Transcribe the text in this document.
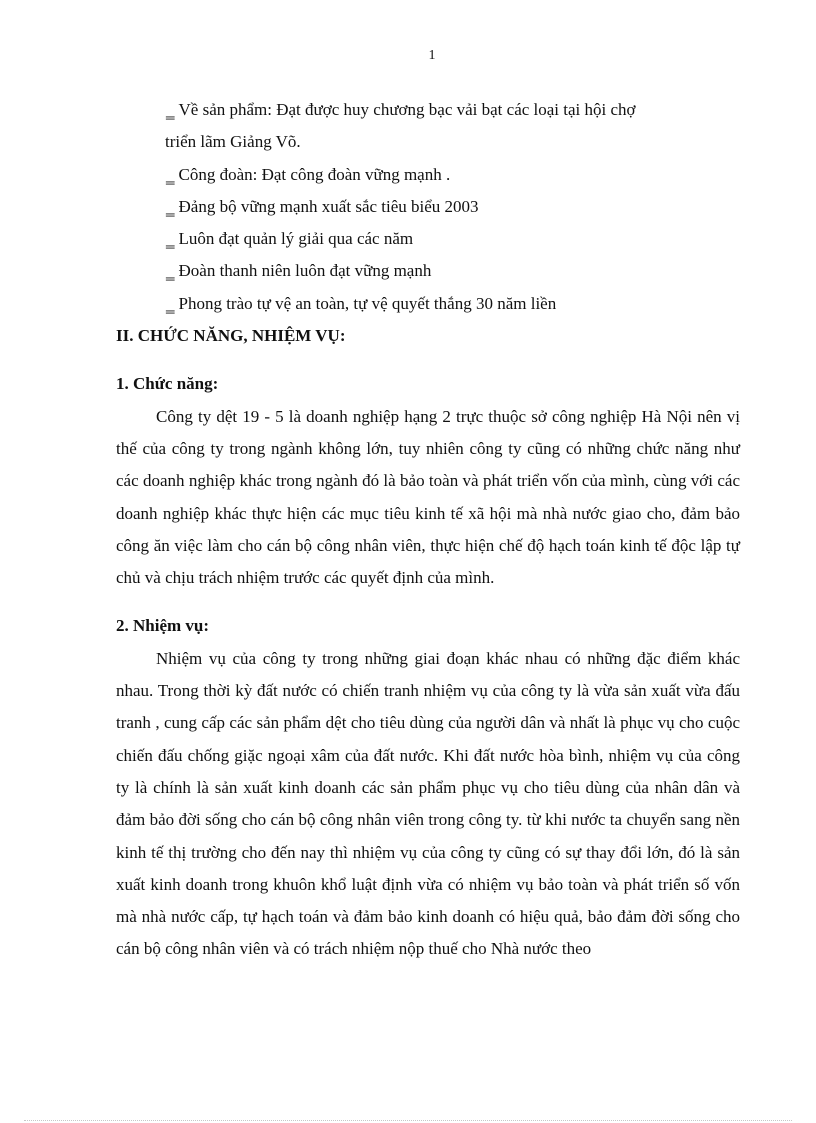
1
‗ Về sản phẩm: Đạt được huy chương bạc vải bạt các loại tại hội chợ
triển lãm Giảng Võ.
‗ Công đoàn: Đạt công đoàn vững mạnh .
‗ Đảng bộ vững mạnh xuất sắc tiêu biểu 2003
‗ Luôn đạt quản lý giải qua các năm
‗ Đoàn thanh niên luôn đạt vững mạnh
‗ Phong trào tự vệ an toàn, tự vệ quyết thắng 30 năm liền
II. CHỨC NĂNG, NHIỆM VỤ:
1. Chức năng:

Công ty dệt 19 - 5 là doanh nghiệp hạng 2 trực thuộc sở công nghiệp Hà Nội nên vị thế của công ty trong ngành không lớn, tuy nhiên công ty cũng có những chức năng như các doanh nghiệp khác trong ngành đó là bảo toàn và phát triển vốn của mình, cùng với các doanh nghiệp khác thực hiện các mục tiêu kinh tế xã hội mà nhà nước giao cho, đảm bảo công ăn việc làm cho cán bộ công nhân viên, thực hiện chế độ hạch toán kinh tế độc lập tự chủ và chịu trách nhiệm trước các quyết định của mình.

2. Nhiệm vụ:

Nhiệm vụ của công ty trong những giai đoạn khác nhau có những đặc điểm khác nhau. Trong thời kỳ đất nước có chiến tranh nhiệm vụ của công ty là vừa sản xuất vừa đấu tranh , cung cấp các sản phẩm dệt cho tiêu dùng của người dân và nhất là phục vụ cho cuộc chiến đấu chống giặc ngoại xâm của đất nước. Khi đất nước hòa bình, nhiệm vụ của công ty là chính là sản xuất kinh doanh các sản phẩm phục vụ cho tiêu dùng của nhân dân và đảm bảo đời sống cho cán bộ công nhân viên trong công ty. từ khi nước ta chuyển sang nền kinh tế thị trường cho đến nay thì nhiệm vụ của công ty cũng có sự thay đổi lớn, đó là sản xuất kinh doanh trong khuôn khổ luật định vừa có nhiệm vụ bảo toàn và phát triển số vốn mà nhà nước cấp, tự hạch toán và đảm bảo kinh doanh có hiệu quả, bảo đảm đời sống cho cán bộ công nhân viên và có trách nhiệm nộp thuế cho Nhà nước theo
